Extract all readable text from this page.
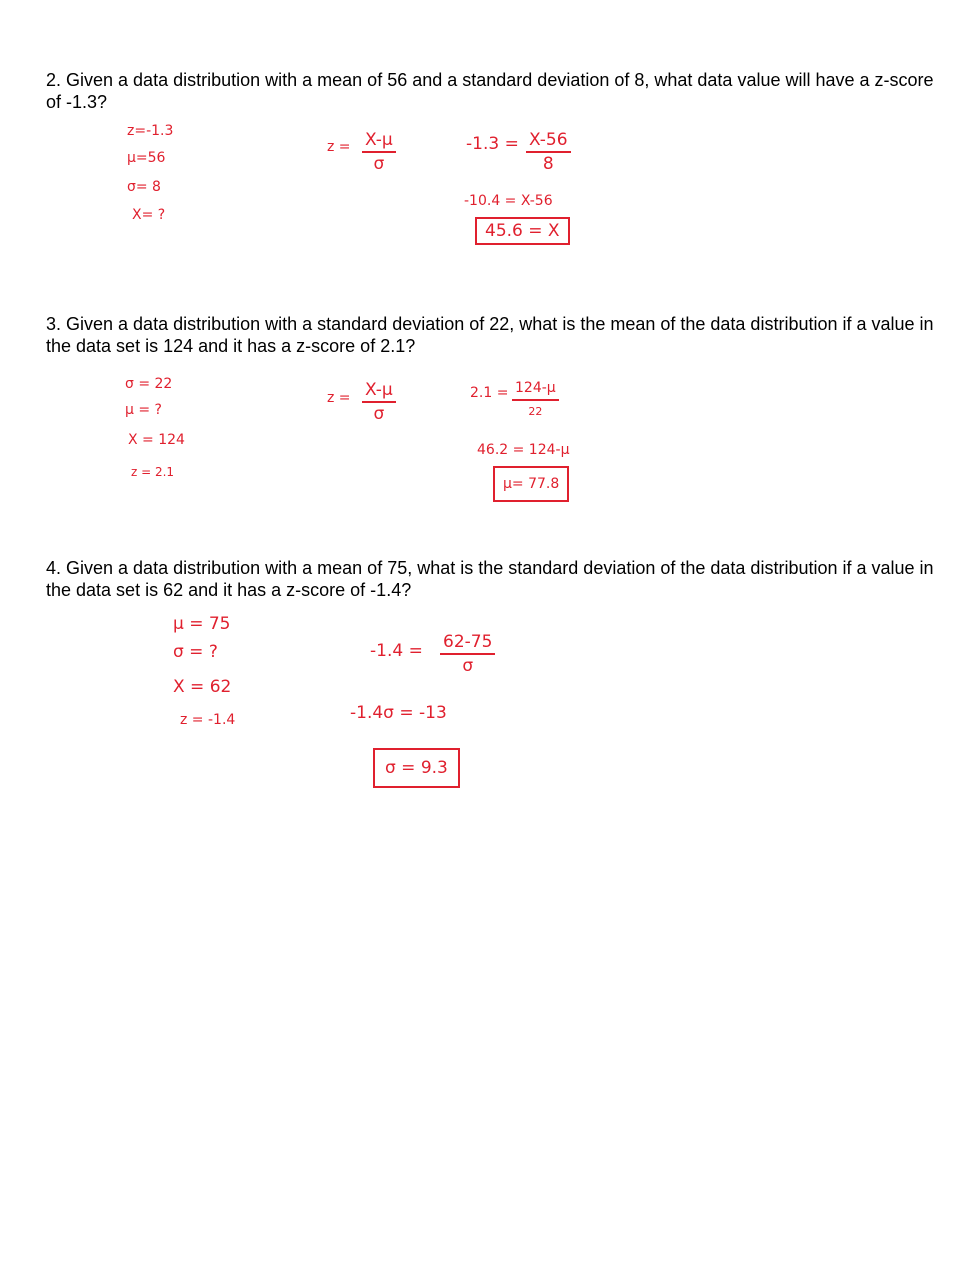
2. Given a data distribution with a mean of 56 and a standard deviation of 8, what data value will have a z-score of -1.3?

z=-1.3
μ=56
σ= 8
X= ?
$z = \frac{X-\mu}{\sigma}$	$-1.3 = \frac{X-56}{8}$
-10.4 = X-56
45.6 = X

3. Given a data distribution with a standard deviation of 22, what is the mean of the data distribution if a value in the data set is 124 and it has a z-score of 2.1?

σ = 22
μ = ?
X = 124
z = 2.1
$z = \frac{X-\mu}{\sigma}$	2.1 = 124-μ
22
46.2 = 124-μ
μ= 77.8

4. Given a data distribution with a mean of 75, what is the standard deviation of the data distribution if a value in the data set is 62 and it has a z-score of -1.4?

μ = 75
σ = ?
X = 62
z = -1.4
$-1.4 = \frac{62-75}{\sigma}$
-1.4σ = -13
σ = 9.3
